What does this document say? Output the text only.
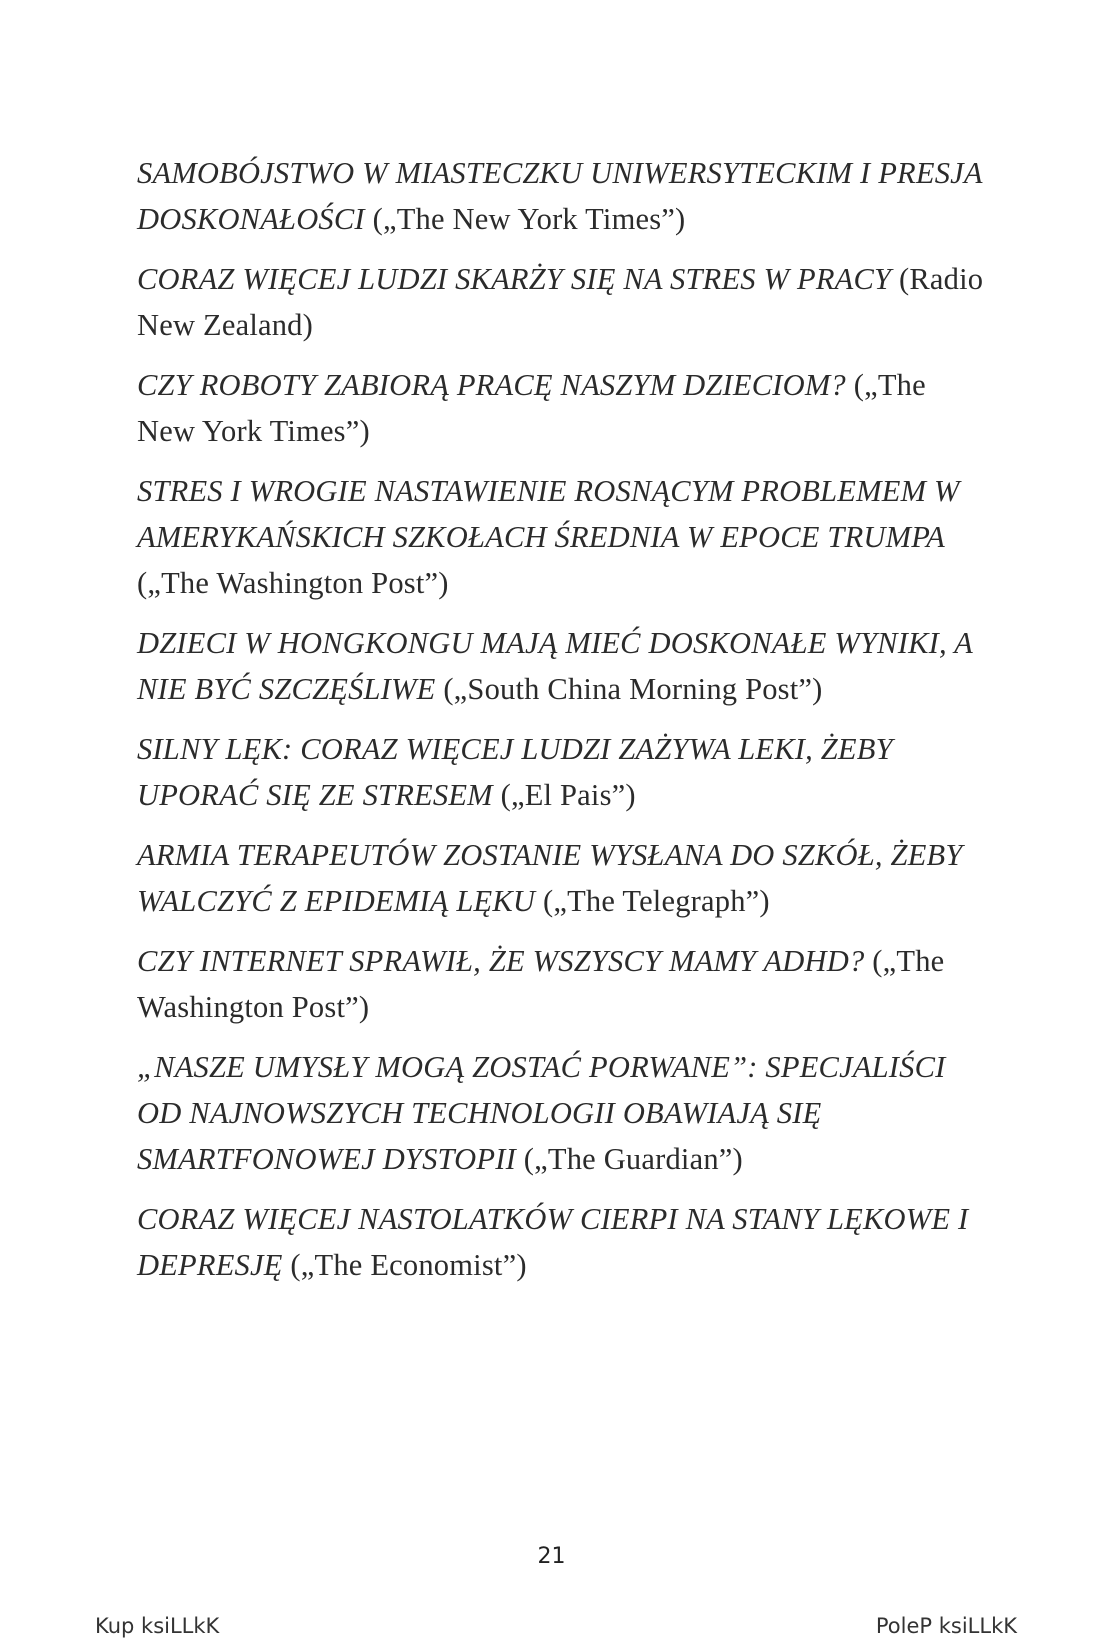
SAMOBÓJSTWO W MIASTECZKU UNIWERSYTECKIM I PRESJA DOSKONAŁOŚCI („The New York Times”)

CORAZ WIĘCEJ LUDZI SKARŻY SIĘ NA STRES W PRACY (Radio New Zealand)

CZY ROBOTY ZABIORĄ PRACĘ NASZYM DZIECIOM? („The New York Times”)

STRES I WROGIE NASTAWIENIE ROSNĄCYM PROBLEMEM W AMERYKAŃSKICH SZKOŁACH ŚREDNIA W EPOCE TRUMPA („The Washington Post”)

DZIECI W HONGKONGU MAJĄ MIEĆ DOSKONAŁE WYNIKI, A NIE BYĆ SZCZĘŚLIWE („South China Morning Post”)

SILNY LĘK: CORAZ WIĘCEJ LUDZI ZAŻYWA LEKI, ŻEBY UPORAĆ SIĘ ZE STRESEM („El Pais”)

ARMIA TERAPEUTÓW ZOSTANIE WYSŁANA DO SZKÓŁ, ŻEBY WALCZYĆ Z EPIDEMIĄ LĘKU („The Telegraph”)

CZY INTERNET SPRAWIŁ, ŻE WSZYSCY MAMY ADHD? („The Washington Post”)

„NASZE UMYSŁY MOGĄ ZOSTAĆ PORWANE”: SPECJALIŚCI OD NAJNOWSZYCH TECHNOLOGII OBAWIAJĄ SIĘ SMARTFONOWEJ DYSTOPII („The Guardian”)

CORAZ WIĘCEJ NASTOLATKÓW CIERPI NA STANY LĘKOWE I DEPRESJĘ („The Economist”)

21
Kup ksiLLkK	PoleP ksiLLkK
